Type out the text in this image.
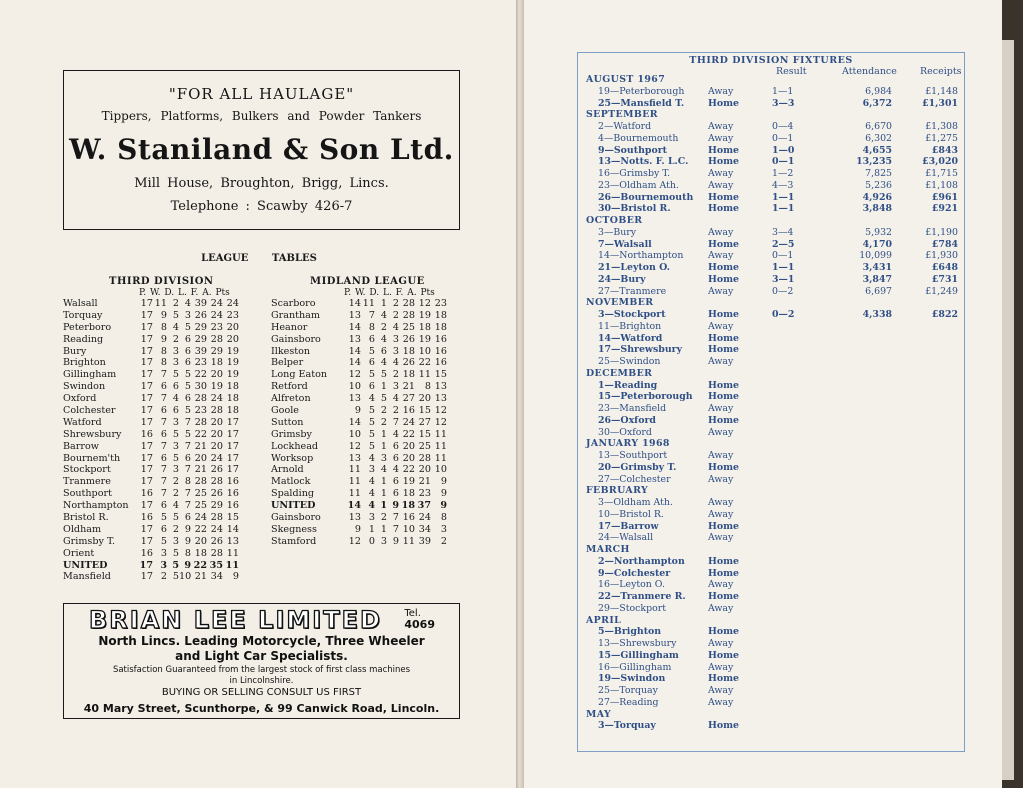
"FOR ALL HAULAGE"
Tippers, Platforms, Bulkers and Powder Tankers
W. Staniland & Son Ltd.
Mill House, Broughton, Brigg, Lincs.
Telephone : Scawby 426-7
LEAGUE TABLES
THIRD DIVISION
P. W. D. L. F. A. Pts
Walsall	17 11 2 4 39 24 24
Torquay	17 9 5 3 26 24 23
Peterboro	17 8 4 5 29 23 20
Reading	17 9 2 6 29 28 20
Bury	17 8 3 6 39 29 19
Brighton	17 8 3 6 23 18 19
Gillingham	17 7 5 5 22 20 19
Swindon	17 6 6 5 30 19 18
Oxford	17 7 4 6 28 24 18
Colchester	17 6 6 5 23 28 18
Watford	17 7 3 7 28 20 17
Shrewsbury	16 6 5 5 22 20 17
Barrow	17 7 3 7 21 20 17
Bournem'th	17 6 5 6 20 24 17
Stockport	17 7 3 7 21 26 17
Tranmere	17 7 2 8 28 28 16
Southport	16 7 2 7 25 26 16
Northampton	17 6 4 7 25 29 16
Bristol R.	16 5 5 6 24 28 15
Oldham	17 6 2 9 22 24 14
Grimsby T.	17 5 3 9 20 26 13
Orient	16 3 5 8 18 28 11
UNITED	17 3 5 9 22 35 11
Mansfield	17 2 5 10 21 34	9
MIDLAND LEAGUE
P. W. D. L. F. A. Pts
Scarboro	14 11 1 2 28 12 23
Grantham	13 7 4 2 28 19 18
Heanor	14 8 2 4 25 18 18
Gainsboro	13 6 4 3 26 19 16
Ilkeston	14 5 6 3 18 10 16
Belper	14 6 4 4 26 22 16
Long Eaton	12 5 5 2 18 11 15
Retford	10 6 1 3 21	8 13
Alfreton	13 4 5 4 27 20 13
Goole	9 5 2 2 16 15 12
Sutton	14 5 2 7 24 27 12
Grimsby	10 5 1 4 22 15 11
Lockhead	12 5 1 6 20 25 11
Worksop	13 4 3 6 20 28 11
Arnold	11 3 4 4 22 20 10
Matlock	11 4 1 6 19 21	9
Spalding	11 4 1 6 18 23	9
UNITED	14 4 1 9 18 37 9
Gainsboro	13 3 2 7 16 24	8
Skegness	9 1 1 7 10 34	3
Stamford	12 0 3 9 11 39	2
BRIAN LEE LIMITED Tel.
4069
North Lincs. Leading Motorcycle, Three Wheeler
and Light Car Specialists.
Satisfaction Guaranteed from the largest stock of first class machines
in Lincolnshire.
BUYING OR SELLING CONSULT US FIRST
40 Mary Street, Scunthorpe, & 99 Canwick Road, Lincoln.
THIRD DIVISION FIXTURES
Result	Attendance Receipts
AUGUST 1967
19—Peterborough	Away	1—1	6,984	£1,148
25—Mansfield T.	Home	3—3	6,372	£1,301
SEPTEMBER
2—Watford	Away	0—4	6,670	£1,308
4—Bournemouth	Away	0—1	6,302	£1,275
9—Southport	Home	1—0	4,655	£843
13—Notts. F. L.C. Home	0—1	13,235	£3,020
16—Grimsby T.	Away	1—2	7,825	£1,715
23—Oldham Ath.	Away	4—3	5,236	£1,108
26—Bournemouth Home	1—1	4,926	£961
30—Bristol R.	Home	1—1	3,848	£921
OCTOBER
3—Bury	Away	3—4	5,932	£1,190
7—Walsall	Home	2—5	4,170	£784
14—Northampton	Away	0—1	10,099	£1,930
21—Leyton O.	Home	1—1	3,431	£648
24—Bury	Home	3—1	3,847	£731
27—Tranmere	Away	0—2	6,697	£1,249
NOVEMBER
3—Stockport	Home	0—2	4,338	£822
11—Brighton	Away
14—Watford	Home
17—Shrewsbury	Home
25—Swindon	Away
DECEMBER
1—Reading	Home
15—Peterborough Home
23—Mansfield	Away
26—Oxford	Home
30—Oxford	Away
JANUARY 1968
13—Southport	Away
20—Grimsby T.	Home
27—Colchester	Away
FEBRUARY
3—Oldham Ath.	Away
10—Bristol R.	Away
17—Barrow	Home
24—Walsall	Away
MARCH
2—Northampton Home
9—Colchester	Home
16—Leyton O.	Away
22—Tranmere R. Home
29—Stockport	Away
APRIL
5—Brighton	Home
13—Shrewsbury	Away
15—Gillingham	Home
16—Gillingham	Away
19—Swindon	Home
25—Torquay	Away
27—Reading	Away
MAY
3—Torquay	Home
